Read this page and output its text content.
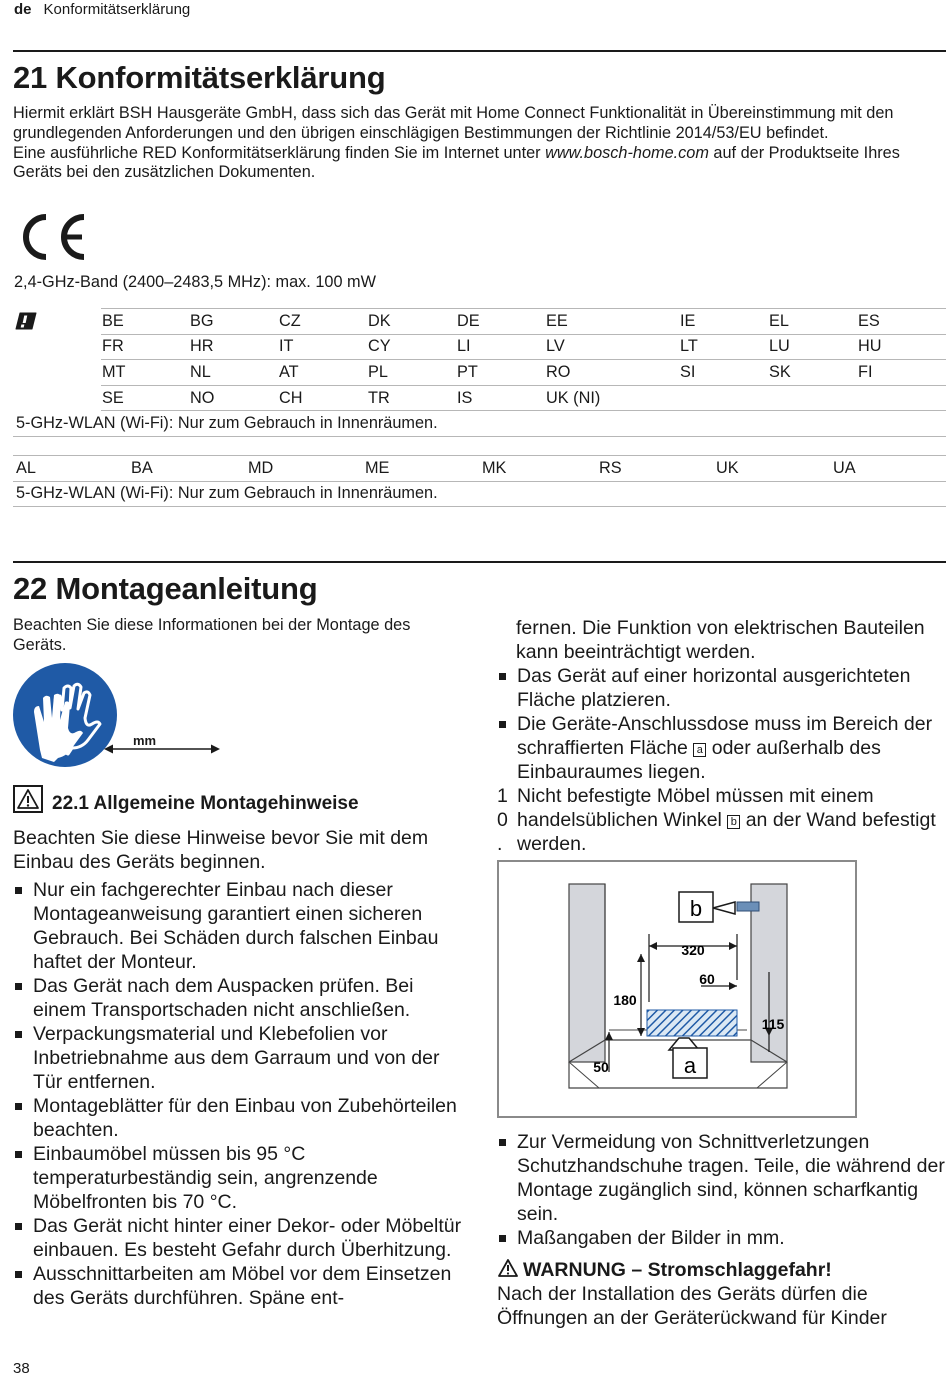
de Konformitätserklärung
21 Konformitätserklärung

Hiermit erklärt BSH Hausgeräte GmbH, dass sich das Gerät mit Home Connect Funktionalität in Übereinstimmung mit den grundlegenden Anforderungen und den übrigen einschlägigen Bestimmungen der Richtlinie 2014/53/EU befindet.

Eine ausführliche RED Konformitätserklärung finden Sie im Internet unter www.bosch-home.com auf der Produktseite Ihres Geräts bei den zusätzlichen Dokumenten.

2,4-GHz-Band (2400–2483,5 MHz): max. 100 mW
BE	BG	CZ	DK	DE	EE	IE	EL	ES
FR	HR	IT	CY	LI	LV	LT	LU	HU
MT	NL	AT	PL	PT	RO	SI	SK	FI
SE	NO	CH	TR	IS	UK (NI)			
5-GHz-WLAN (Wi-Fi): Nur zum Gebrauch in Innenräumen.
AL	BA	MD	ME	MK	RS	UK	UA
5-GHz-WLAN (Wi-Fi): Nur zum Gebrauch in Innenräumen.
22 Montageanleitung
Beachten Sie diese Informationen bei der Montage des Geräts.
mm
22.1 Allgemeine Montagehinweise

Beachten Sie diese Hinweise bevor Sie mit dem Einbau des Geräts beginnen.

Nur ein fachgerechter Einbau nach dieser Montageanweisung garantiert einen sicheren Gebrauch. Bei Schäden durch falschen Einbau haftet der Monteur.
Das Gerät nach dem Auspacken prüfen. Bei einem Transportschaden nicht anschließen.
Verpackungsmaterial und Klebefolien vor Inbetriebnahme aus dem Garraum und von der Tür entfernen.
Montageblätter für den Einbau von Zubehörteilen beachten.
Einbaumöbel müssen bis 95 °C temperaturbeständig sein, angrenzende Möbelfronten bis 70 °C.
Das Gerät nicht hinter einer Dekor- oder Möbeltür einbauen. Es besteht Gefahr durch Überhitzung.
Ausschnittarbeiten am Möbel vor dem Einsetzen des Geräts durchführen. Späne ent-

fernen. Die Funktion von elektrischen Bauteilen kann beeinträchtigt werden.

Das Gerät auf einer horizontal ausgerichteten Fläche platzieren.
Die Geräte-Anschlussdose muss im Bereich der schraffierten Fläche a oder außerhalb des Einbauraumes liegen.
1 0.
Nicht befestigte Möbel müssen mit einem handelsüblichen Winkel b an der Wand befestigt werden.
b
a
320
60
180
115
50
Zur Vermeidung von Schnittverletzungen Schutzhandschuhe tragen. Teile, die während der Montage zugänglich sind, können scharfkantig sein.
Maßangaben der Bilder in mm.
WARNUNG – Stromschlaggefahr!

Nach der Installation des Geräts dürfen die Öffnungen an der Geräterückwand für Kinder

38
